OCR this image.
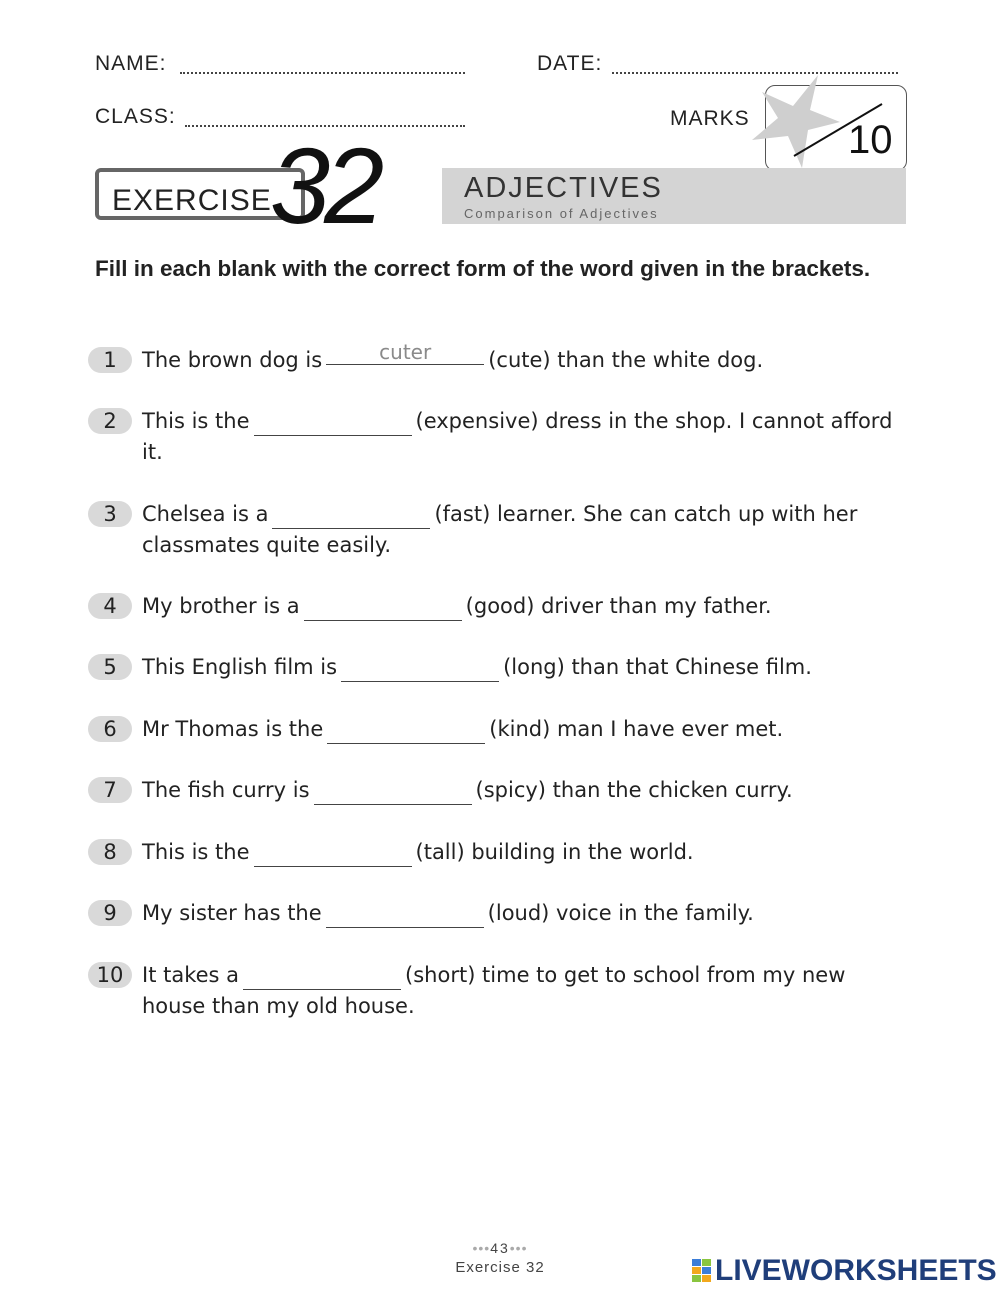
NAME:	DATE:
CLASS:	MARKS 10
EXERCISE
32	ADJECTIVES
Comparison of Adjectives
Fill in each blank with the correct form of the word given in the brackets.
1	The brown dog iscuter	(cute) than the white dog.
2	This is the	(expensive) dress in the shop. I cannot afford it.
3	Chelsea is a	(fast) learner. She can catch up with her classmates quite easily.
4	My brother is a	(good) driver than my father.
5	This English film is	(long) than that Chinese film.
6	Mr Thomas is the	(kind) man I have ever met.
7	The fish curry is	(spicy) than the chicken curry.
8	This is the	(tall) building in the world.
9	My sister has the	(loud) voice in the family.
10 It takes a	(short) time to get to school from my new house than my old house.
•••43•••
Exercise 32	LIVEWORKSHEETS
